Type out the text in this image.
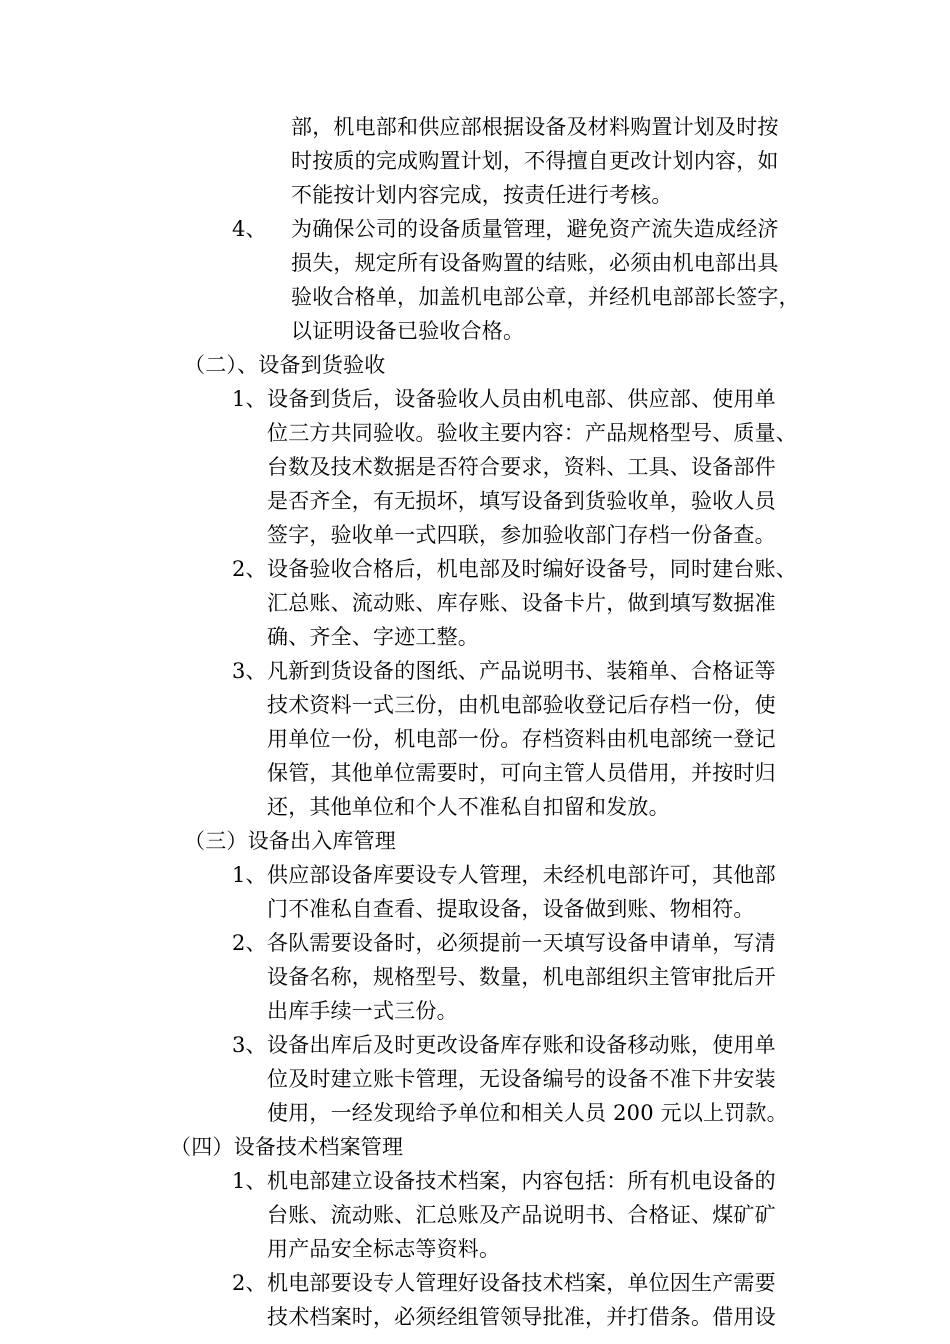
部，机电部和供应部根据设备及材料购置计划及时按
时按质的完成购置计划，不得擅自更改计划内容，如
不能按计划内容完成，按责任进行考核。
4、 为确保公司的设备质量管理，避免资产流失造成经济
损失，规定所有设备购置的结账，必须由机电部出具
验收合格单，加盖机电部公章，并经机电部部长签字，
以证明设备已验收合格。
（二）、设备到货验收
1、 设备到货后，设备验收人员由机电部、供应部、使用单
位三方共同验收。验收主要内容：产品规格型号、质量、
台数及技术数据是否符合要求，资料、工具、设备部件
是否齐全，有无损坏，填写设备到货验收单，验收人员
签字，验收单一式四联，参加验收部门存档一份备查。
2、 设备验收合格后，机电部及时编好设备号，同时建台账、
汇总账、流动账、库存账、设备卡片，做到填写数据准
确、齐全、字迹工整。
3、 凡新到货设备的图纸、产品说明书、装箱单、合格证等
技术资料一式三份，由机电部验收登记后存档一份，使
用单位一份，机电部一份。存档资料由机电部统一登记
保管，其他单位需要时，可向主管人员借用，并按时归
还，其他单位和个人不准私自扣留和发放。
（三）设备出入库管理
1、 供应部设备库要设专人管理，未经机电部许可，其他部
门不准私自查看、提取设备，设备做到账、物相符。
2、 各队需要设备时，必须提前一天填写设备申请单，写清
设备名称，规格型号、数量，机电部组织主管审批后开
出库手续一式三份。
3、 设备出库后及时更改设备库存账和设备移动账，使用单
位及时建立账卡管理，无设备编号的设备不准下井安装
使用，一经发现给予单位和相关人员 200 元以上罚款。
（四）设备技术档案管理
1、 机电部建立设备技术档案，内容包括：所有机电设备的
台账、流动账、汇总账及产品说明书、合格证、煤矿矿
用产品安全标志等资料。
2、 机电部要设专人管理好设备技术档案，单位因生产需要
技术档案时，必须经组管领导批准，并打借条。借用设
